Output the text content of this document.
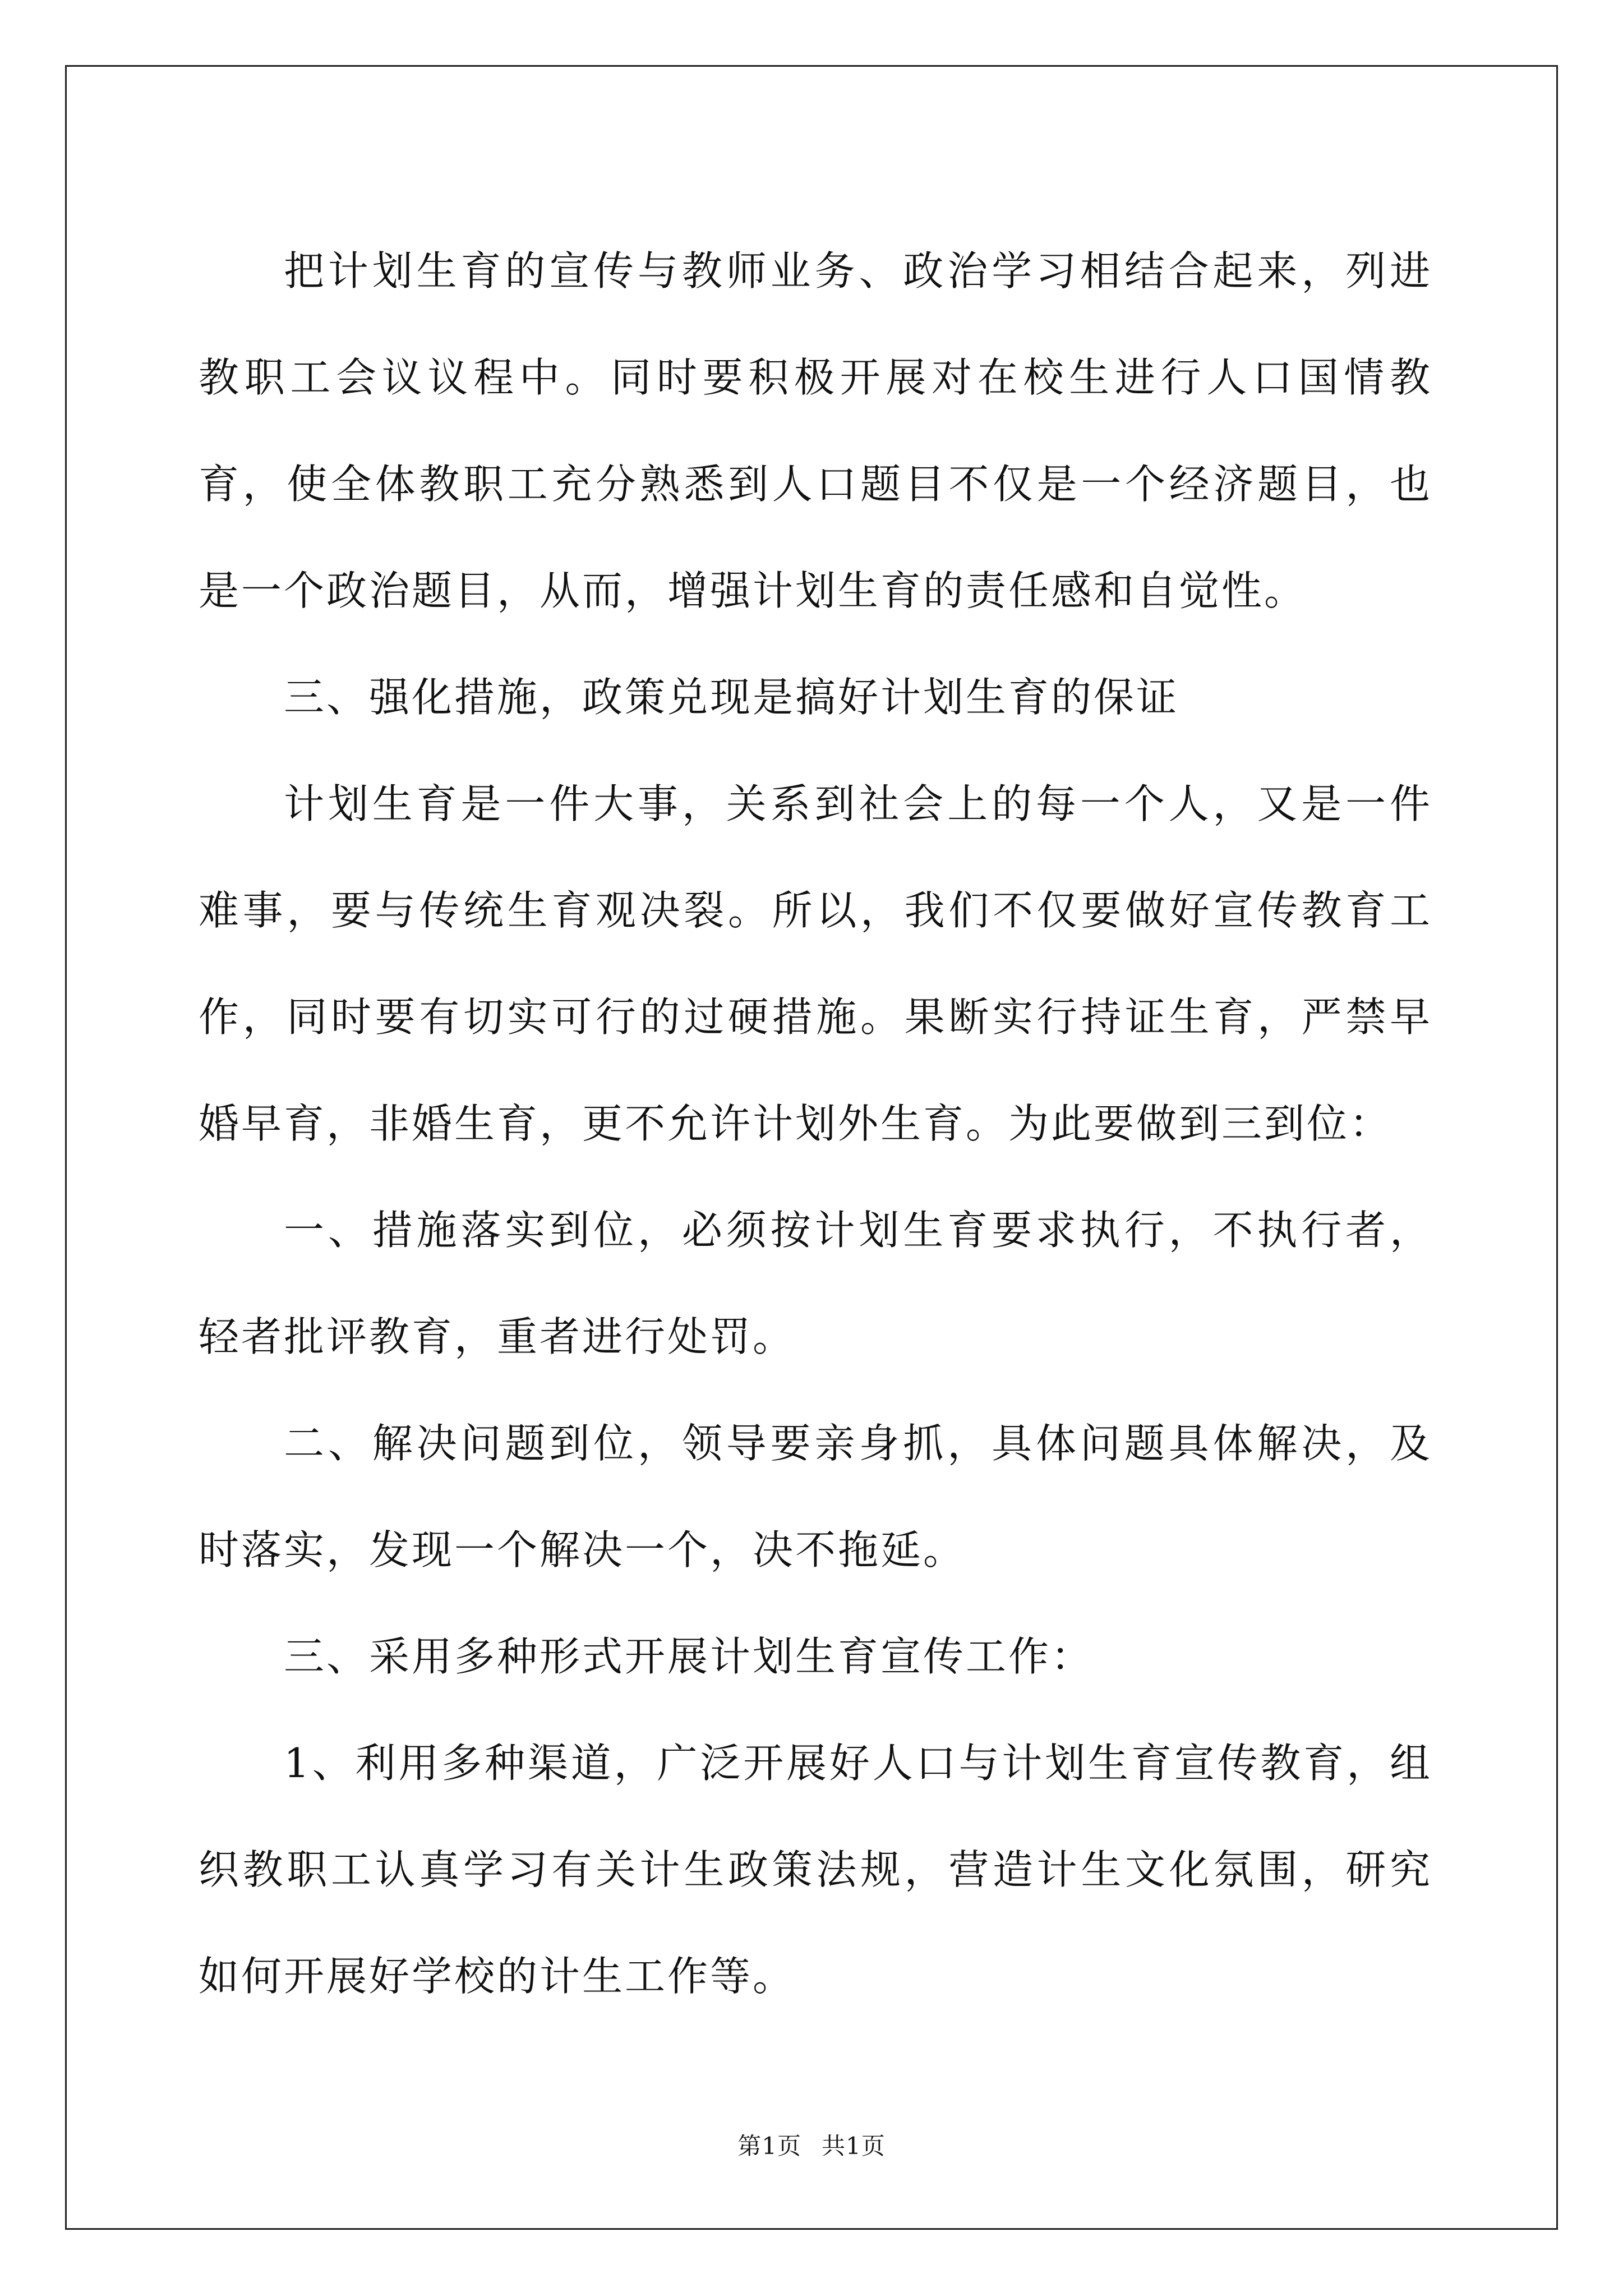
把计划生育的宣传与教师业务、政治学习相结合起来，列进教职工会议议程中。同时要积极开展对在校生进行人口国情教育，使全体教职工充分熟悉到人口题目不仅是一个经济题目，也是一个政治题目，从而，增强计划生育的责任感和自觉性。

三、强化措施，政策兑现是搞好计划生育的保证

计划生育是一件大事，关系到社会上的每一个人，又是一件难事，要与传统生育观决裂。所以，我们不仅要做好宣传教育工作，同时要有切实可行的过硬措施。果断实行持证生育，严禁早婚早育，非婚生育，更不允许计划外生育。为此要做到三到位：

一、措施落实到位，必须按计划生育要求执行，不执行者，轻者批评教育，重者进行处罚。

二、解决问题到位，领导要亲身抓，具体问题具体解决，及时落实，发现一个解决一个，决不拖延。

三、采用多种形式开展计划生育宣传工作：

1、利用多种渠道，广泛开展好人口与计划生育宣传教育，组织教职工认真学习有关计生政策法规，营造计生文化氛围，研究如何开展好学校的计生工作等。

第1页 共1页
